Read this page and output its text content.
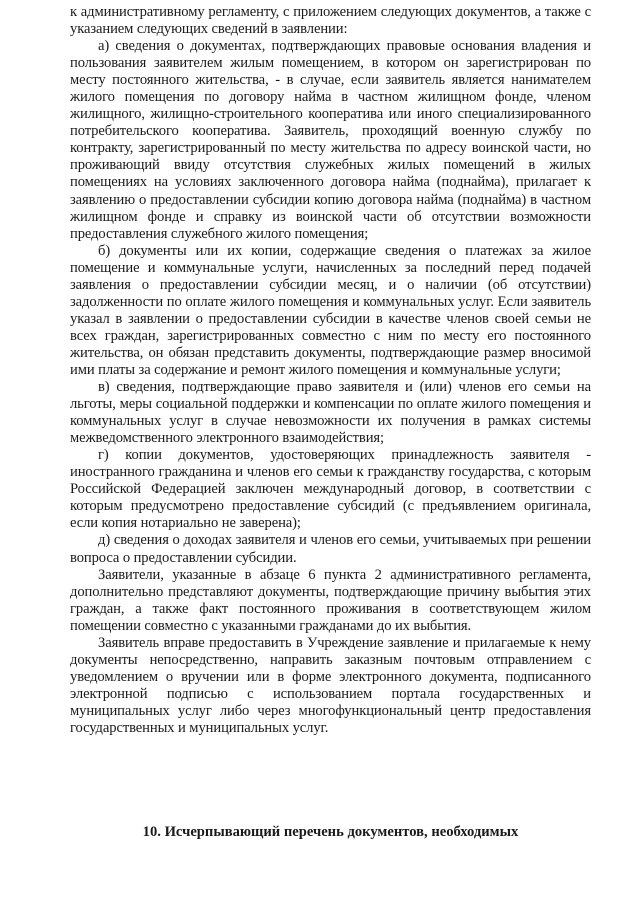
к административному регламенту, с приложением следующих документов, а также с указанием следующих сведений в заявлении:

а) сведения о документах, подтверждающих правовые основания владения и пользования заявителем жилым помещением, в котором он зарегистрирован по месту постоянного жительства, - в случае, если заявитель является нанимателем жилого помещения по договору найма в частном жилищном фонде, членом жилищного, жилищно-строительного кооператива или иного специализированного потребительского кооператива. Заявитель, проходящий военную службу по контракту, зарегистрированный по месту жительства по адресу воинской части, но проживающий ввиду отсутствия служебных жилых помещений в жилых помещениях на условиях заключенного договора найма (поднайма), прилагает к заявлению о предоставлении субсидии копию договора найма (поднайма) в частном жилищном фонде и справку из воинской части об отсутствии возможности предоставления служебного жилого помещения;

б) документы или их копии, содержащие сведения о платежах за жилое помещение и коммунальные услуги, начисленных за последний перед подачей заявления о предоставлении субсидии месяц, и о наличии (об отсутствии) задолженности по оплате жилого помещения и коммунальных услуг. Если заявитель указал в заявлении о предоставлении субсидии в качестве членов своей семьи не всех граждан, зарегистрированных совместно с ним по месту его постоянного жительства, он обязан представить документы, подтверждающие размер вносимой ими платы за содержание и ремонт жилого помещения и коммунальные услуги;

в) сведения, подтверждающие право заявителя и (или) членов его семьи на льготы, меры социальной поддержки и компенсации по оплате жилого помещения и коммунальных услуг в случае невозможности их получения в рамках системы межведомственного электронного взаимодействия;

г) копии документов, удостоверяющих принадлежность заявителя - иностранного гражданина и членов его семьи к гражданству государства, с которым Российской Федерацией заключен международный договор, в соответствии с которым предусмотрено предоставление субсидий (с предъявлением оригинала, если копия нотариально не заверена);

д) сведения о доходах заявителя и членов его семьи, учитываемых при решении вопроса о предоставлении субсидии.

Заявители, указанные в абзаце 6 пункта 2 административного регламента, дополнительно представляют документы, подтверждающие причину выбытия этих граждан, а также факт постоянного проживания в соответствующем жилом помещении совместно с указанными гражданами до их выбытия.

Заявитель вправе предоставить в Учреждение заявление и прилагаемые к нему документы непосредственно, направить заказным почтовым отправлением с уведомлением о вручении или в форме электронного документа, подписанного электронной подписью с использованием портала государственных и муниципальных услуг либо через многофункциональный центр предоставления государственных и муниципальных услуг.

10. Исчерпывающий перечень документов, необходимых
